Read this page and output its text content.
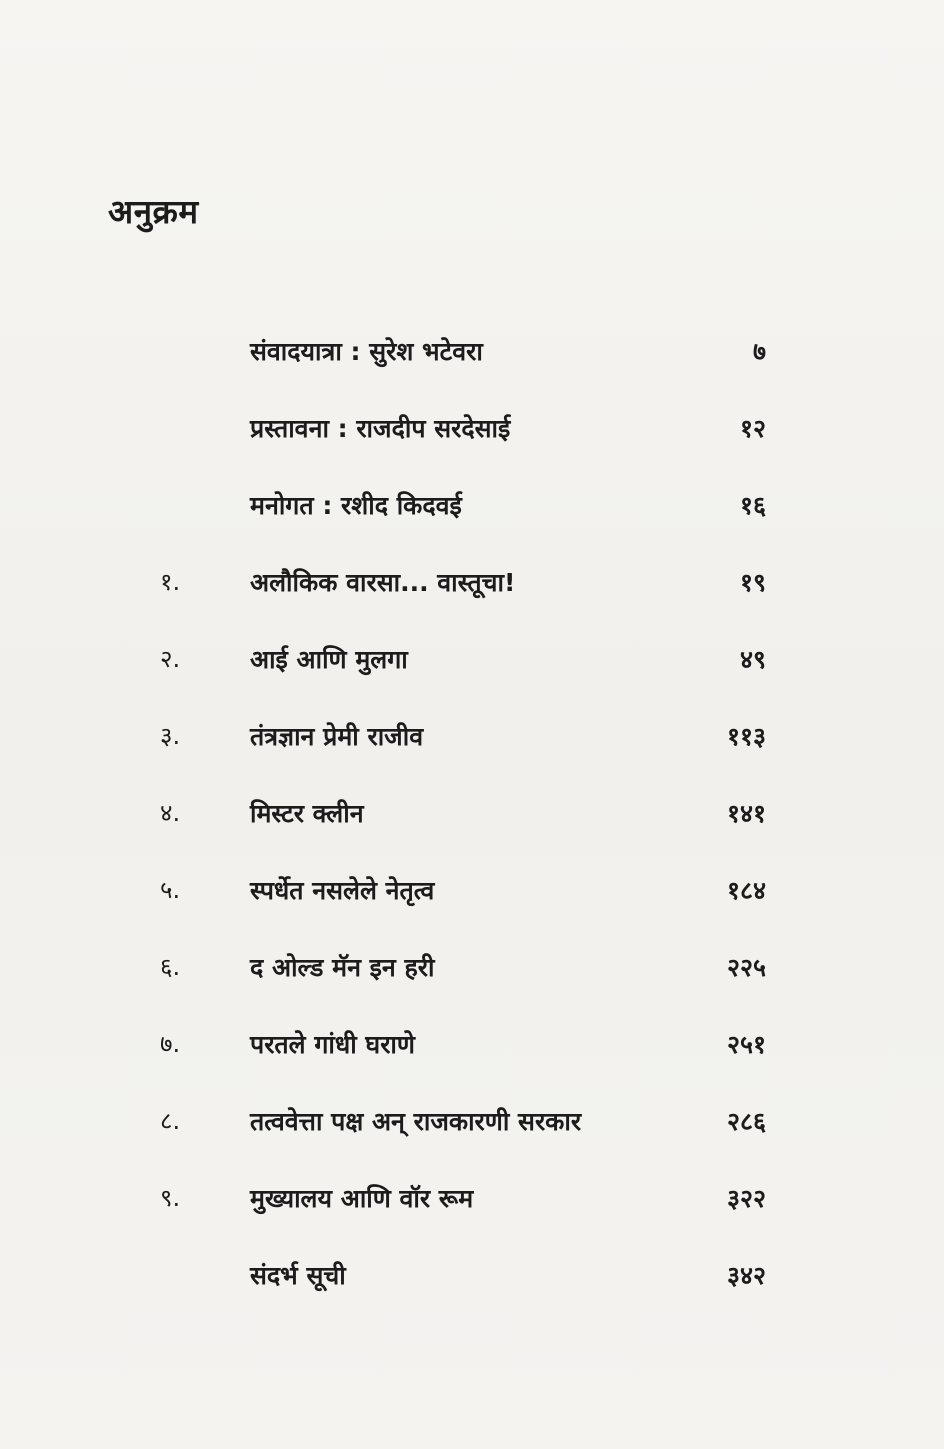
अनुक्रम
संवादयात्रा : सुरेश भटेवरा	७
प्रस्तावना : राजदीप सरदेसाई	१२
मनोगत : रशीद किदवई	१६
१.	अलौकिक वारसा... वास्तूचा!	१९
२.	आई आणि मुलगा	४९
३.	तंत्रज्ञान प्रेमी राजीव	११३
४.	मिस्टर क्लीन	१४१
५.	स्पर्धेत नसलेले नेतृत्व	१८४
६.	द ओल्ड मॅन इन हरी	२२५
७.	परतले गांधी घराणे	२५१
८.	तत्ववेत्ता पक्ष अन् राजकारणी सरकार	२८६
९.	मुख्यालय आणि वॉर रूम	३२२
संदर्भ सूची	३४२
